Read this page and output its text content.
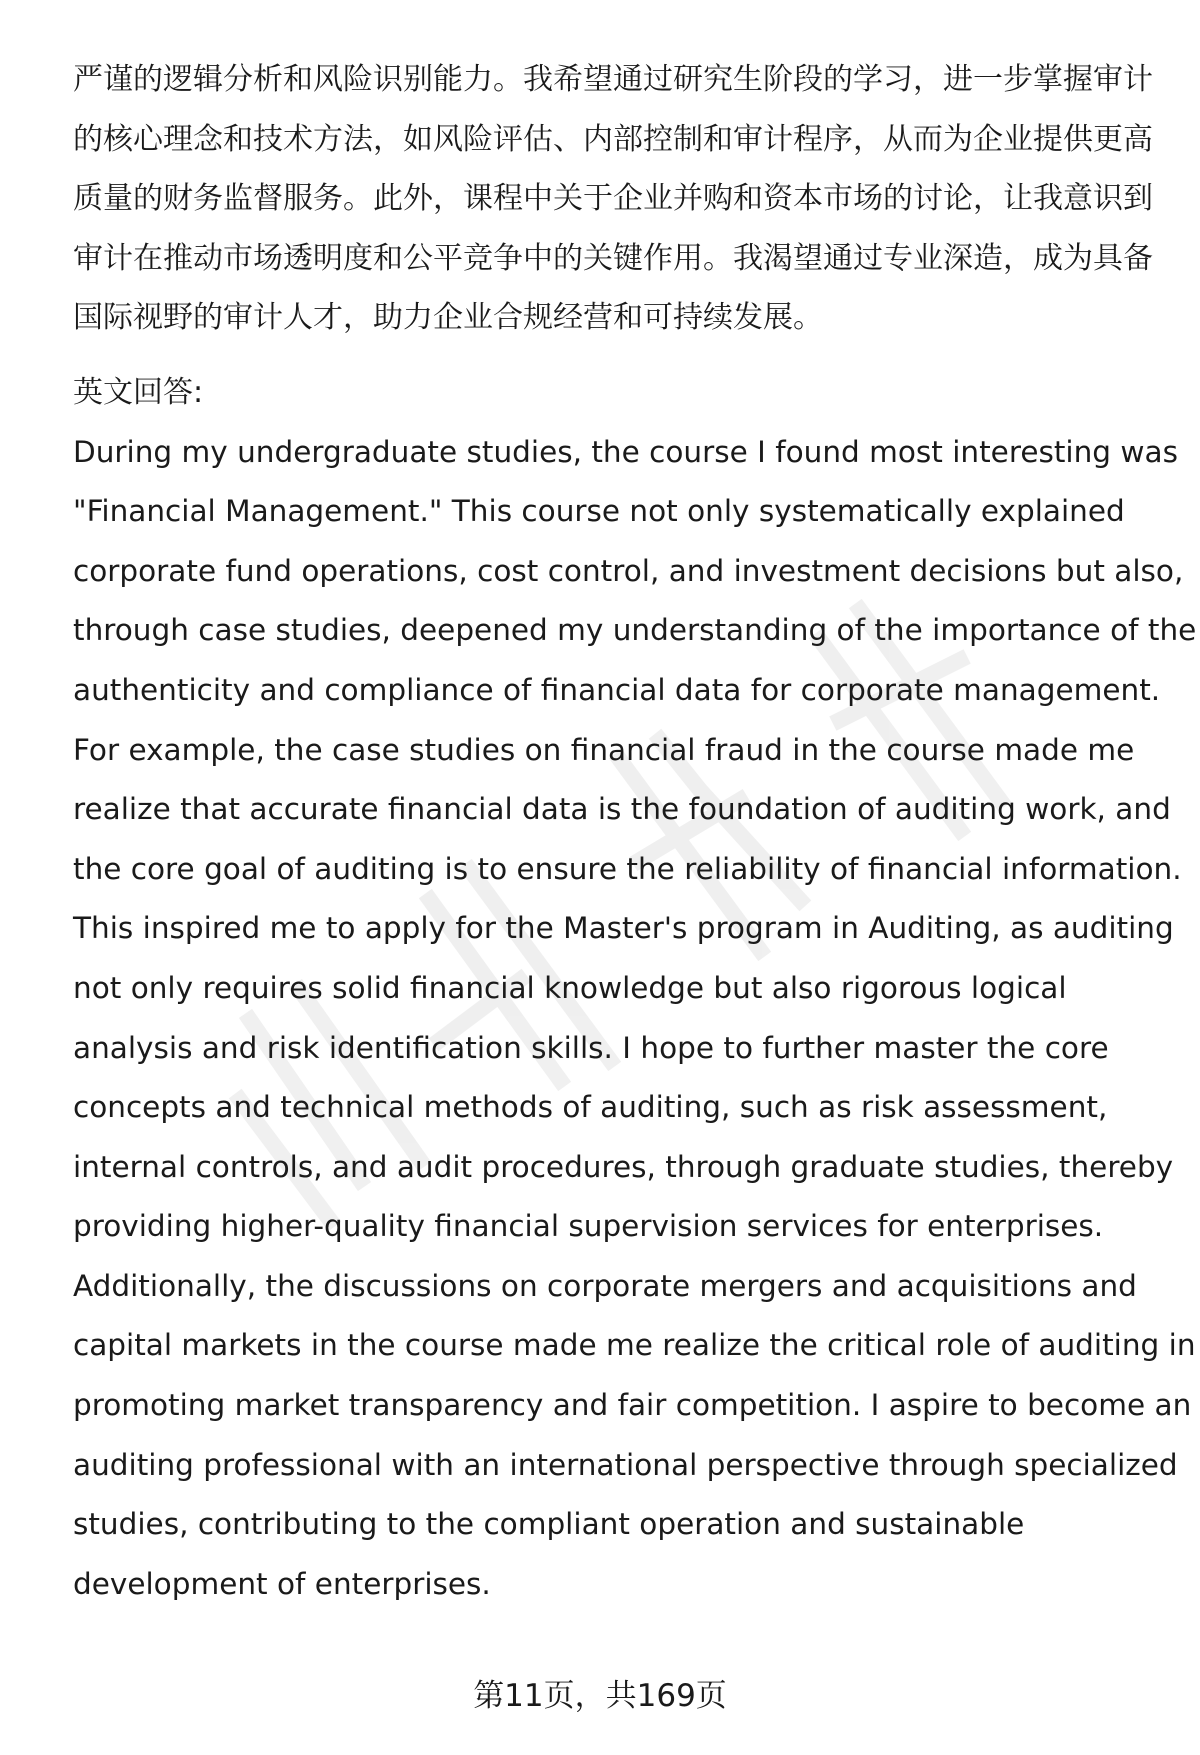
严谨的逻辑分析和风险识别能力。我希望通过研究生阶段的学习，进一步掌握审计
的核心理念和技术方法，如风险评估、内部控制和审计程序，从而为企业提供更高
质量的财务监督服务。此外，课程中关于企业并购和资本市场的讨论，让我意识到
审计在推动市场透明度和公平竞争中的关键作用。我渴望通过专业深造，成为具备
国际视野的审计人才，助力企业合规经营和可持续发展。
英文回答:
During my undergraduate studies, the course I found most interesting was
"Financial Management." This course not only systematically explained
corporate fund operations, cost control, and investment decisions but also,
through case studies, deepened my understanding of the importance of the
authenticity and compliance of financial data for corporate management.
For example, the case studies on financial fraud in the course made me
realize that accurate financial data is the foundation of auditing work, and
the core goal of auditing is to ensure the reliability of financial information.
This inspired me to apply for the Master's program in Auditing, as auditing
not only requires solid financial knowledge but also rigorous logical
analysis and risk identification skills. I hope to further master the core
concepts and technical methods of auditing, such as risk assessment,
internal controls, and audit procedures, through graduate studies, thereby
providing higher-quality financial supervision services for enterprises.
Additionally, the discussions on corporate mergers and acquisitions and
capital markets in the course made me realize the critical role of auditing in
promoting market transparency and fair competition. I aspire to become an
auditing professional with an international perspective through specialized
studies, contributing to the compliant operation and sustainable
development of enterprises.
第11页，共169页
